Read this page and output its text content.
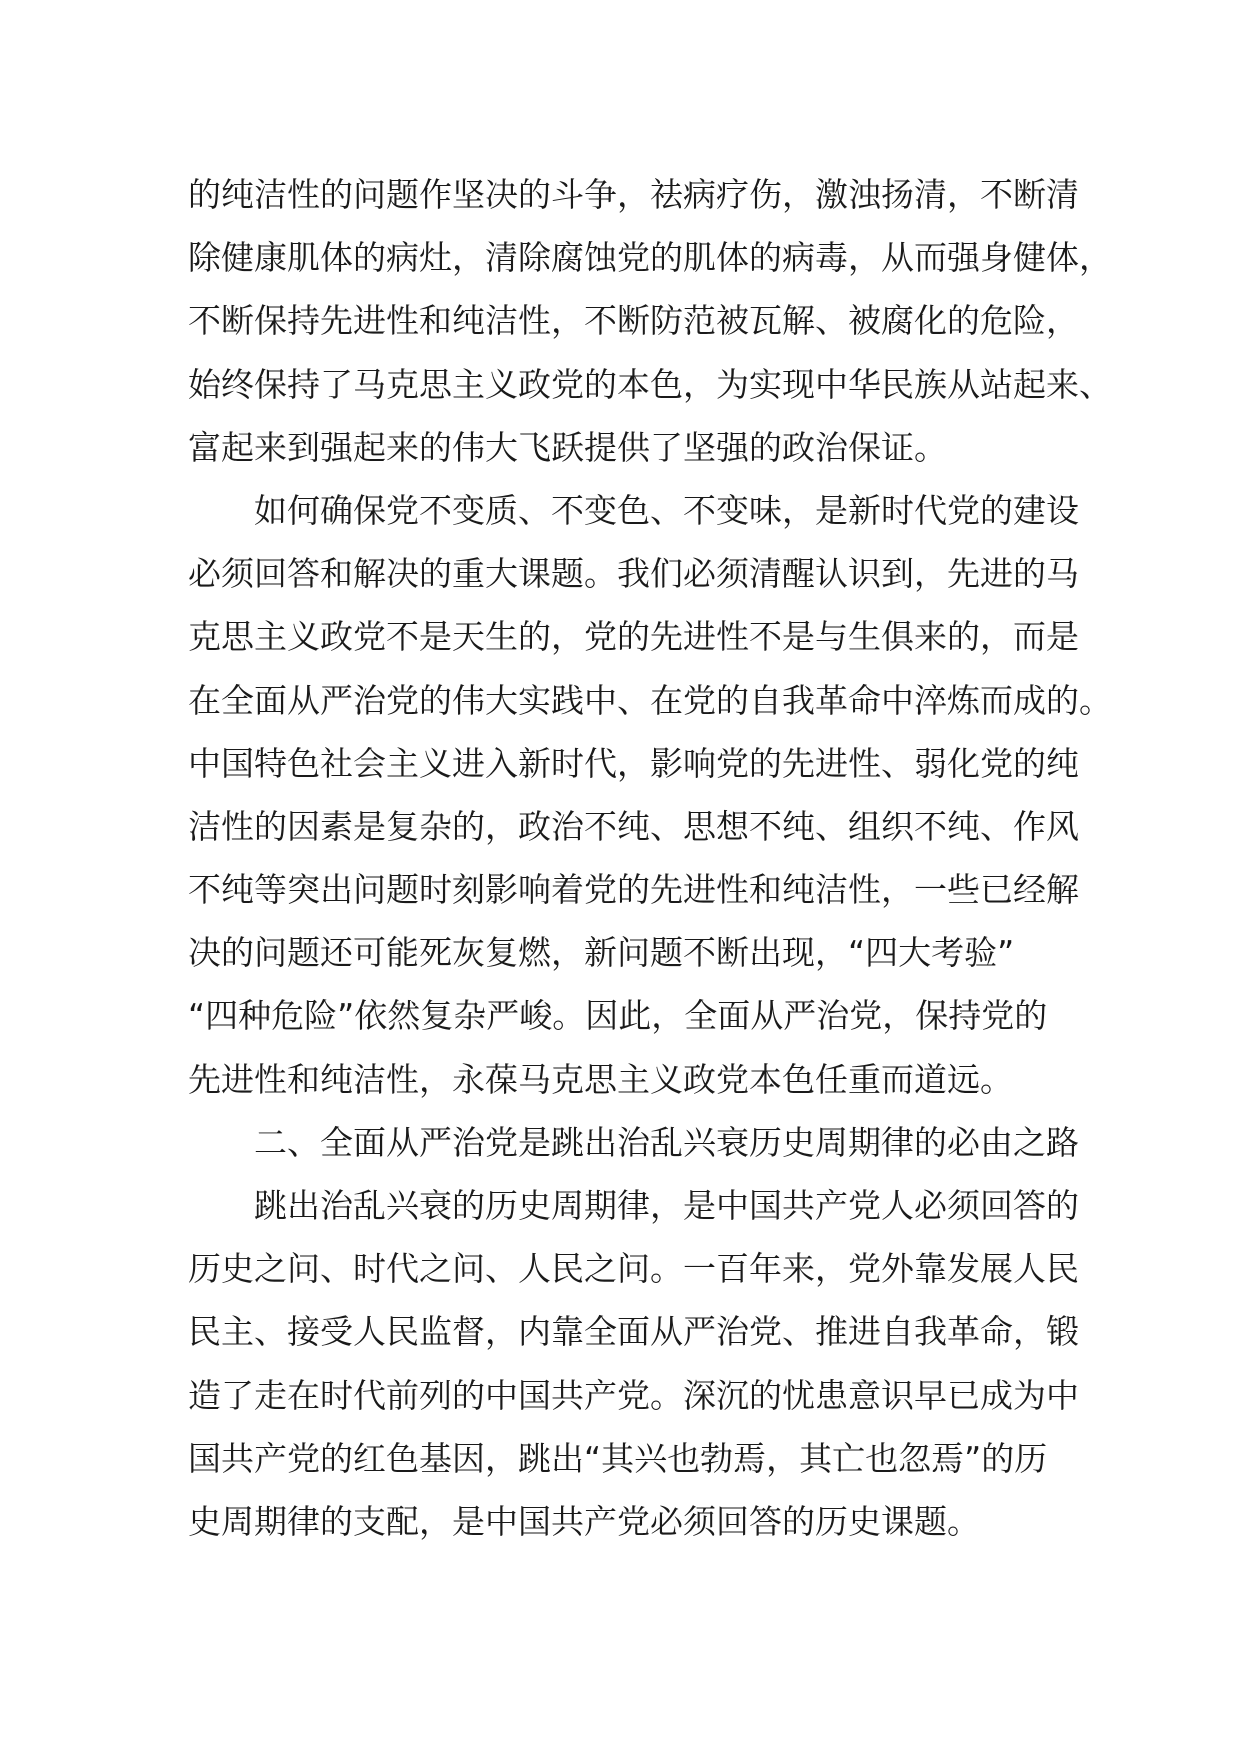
的纯洁性的问题作坚决的斗争，祛病疗伤，激浊扬清，不断清
除健康肌体的病灶，清除腐蚀党的肌体的病毒，从而强身健体，
不断保持先进性和纯洁性，不断防范被瓦解、被腐化的危险，
始终保持了马克思主义政党的本色，为实现中华民族从站起来、
富起来到强起来的伟大飞跃提供了坚强的政治保证。
如何确保党不变质、不变色、不变味，是新时代党的建设
必须回答和解决的重大课题。我们必须清醒认识到，先进的马
克思主义政党不是天生的，党的先进性不是与生俱来的，而是
在全面从严治党的伟大实践中、在党的自我革命中淬炼而成的。
中国特色社会主义进入新时代，影响党的先进性、弱化党的纯
洁性的因素是复杂的，政治不纯、思想不纯、组织不纯、作风
不纯等突出问题时刻影响着党的先进性和纯洁性，一些已经解
决的问题还可能死灰复燃，新问题不断出现，“四大考验”
“四种危险”依然复杂严峻。因此，全面从严治党，保持党的
先进性和纯洁性，永葆马克思主义政党本色任重而道远。
二、全面从严治党是跳出治乱兴衰历史周期律的必由之路
跳出治乱兴衰的历史周期律，是中国共产党人必须回答的
历史之问、时代之问、人民之问。一百年来，党外靠发展人民
民主、接受人民监督，内靠全面从严治党、推进自我革命，锻
造了走在时代前列的中国共产党。深沉的忧患意识早已成为中
国共产党的红色基因，跳出“其兴也勃焉，其亡也忽焉”的历
史周期律的支配，是中国共产党必须回答的历史课题。
